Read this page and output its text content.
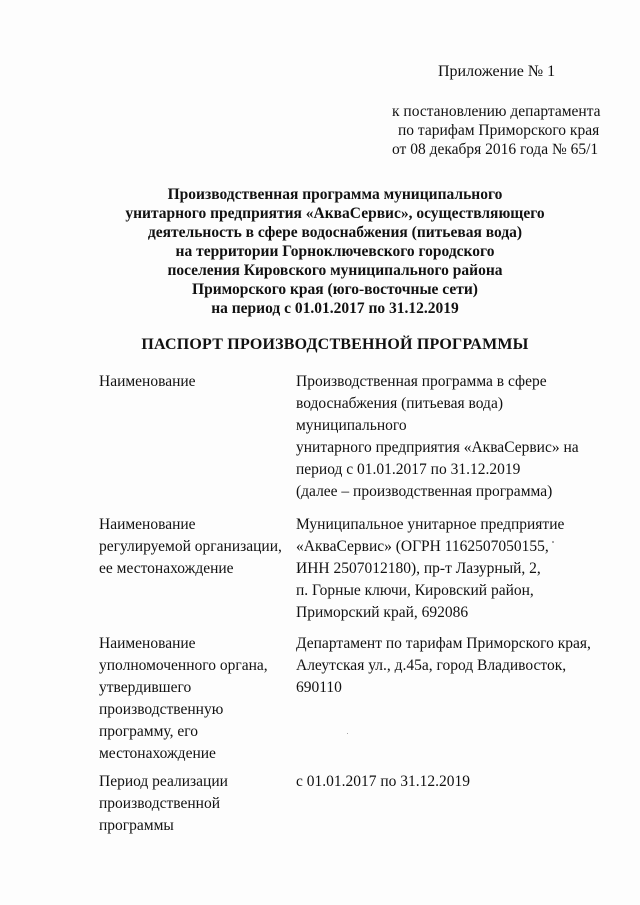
Приложение № 1
к постановлению департамента
по тарифам Приморского края
от 08 декабря 2016 года № 65/1
Производственная программа муниципального
унитарного предприятия «АкваСервис», осуществляющего
деятельность в сфере водоснабжения (питьевая вода)
на территории Горноключевского городского
поселения Кировского муниципального района
Приморского края (юго-восточные сети)
на период с 01.01.2017 по 31.12.2019
ПАСПОРТ ПРОИЗВОДСТВЕННОЙ ПРОГРАММЫ
Наименование	Производственная программа в сфере
водоснабжения (питьевая вода)
муниципального
унитарного предприятия «АкваСервис» на
период с 01.01.2017 по 31.12.2019
(далее – производственная программа)
Наименование
регулируемой организации,
ее местонахождение
Муниципальное унитарное предприятие
«АкваСервис» (ОГРН 1162507050155,
ИНН 2507012180), пр-т Лазурный, 2,
п. Горные ключи, Кировский район,
Приморский край, 692086
Наименование
уполномоченного органа,
утвердившего
производственную
программу, его
местонахождение
Департамент по тарифам Приморского края,
Алеутская ул., д.45а, город Владивосток,
690110
Период реализации
производственной
программы
с 01.01.2017 по 31.12.2019
